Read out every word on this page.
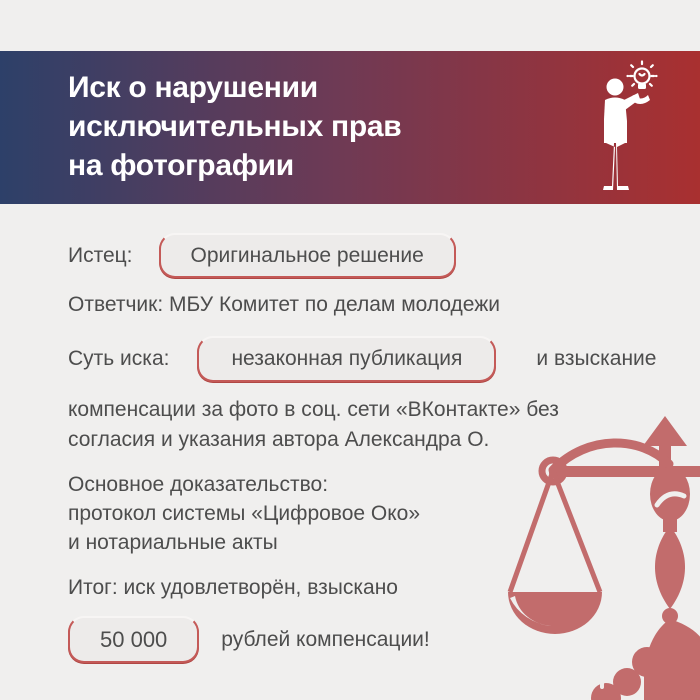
Иск о нарушении
исключительных прав
на фотографии
Истец:	Оригинальное решение
Ответчик: МБУ Комитет по делам молодежи
Суть иска:	незаконная публикация	и взыскание
компенсации за фото в соц. сети «ВКонтакте» без
согласия и указания автора Александра О.
Основное доказательство:
протокол системы «Цифровое Око»
и нотариальные акты
Итог: иск удовлетворён, взыскано
50 000	рублей компенсации!
